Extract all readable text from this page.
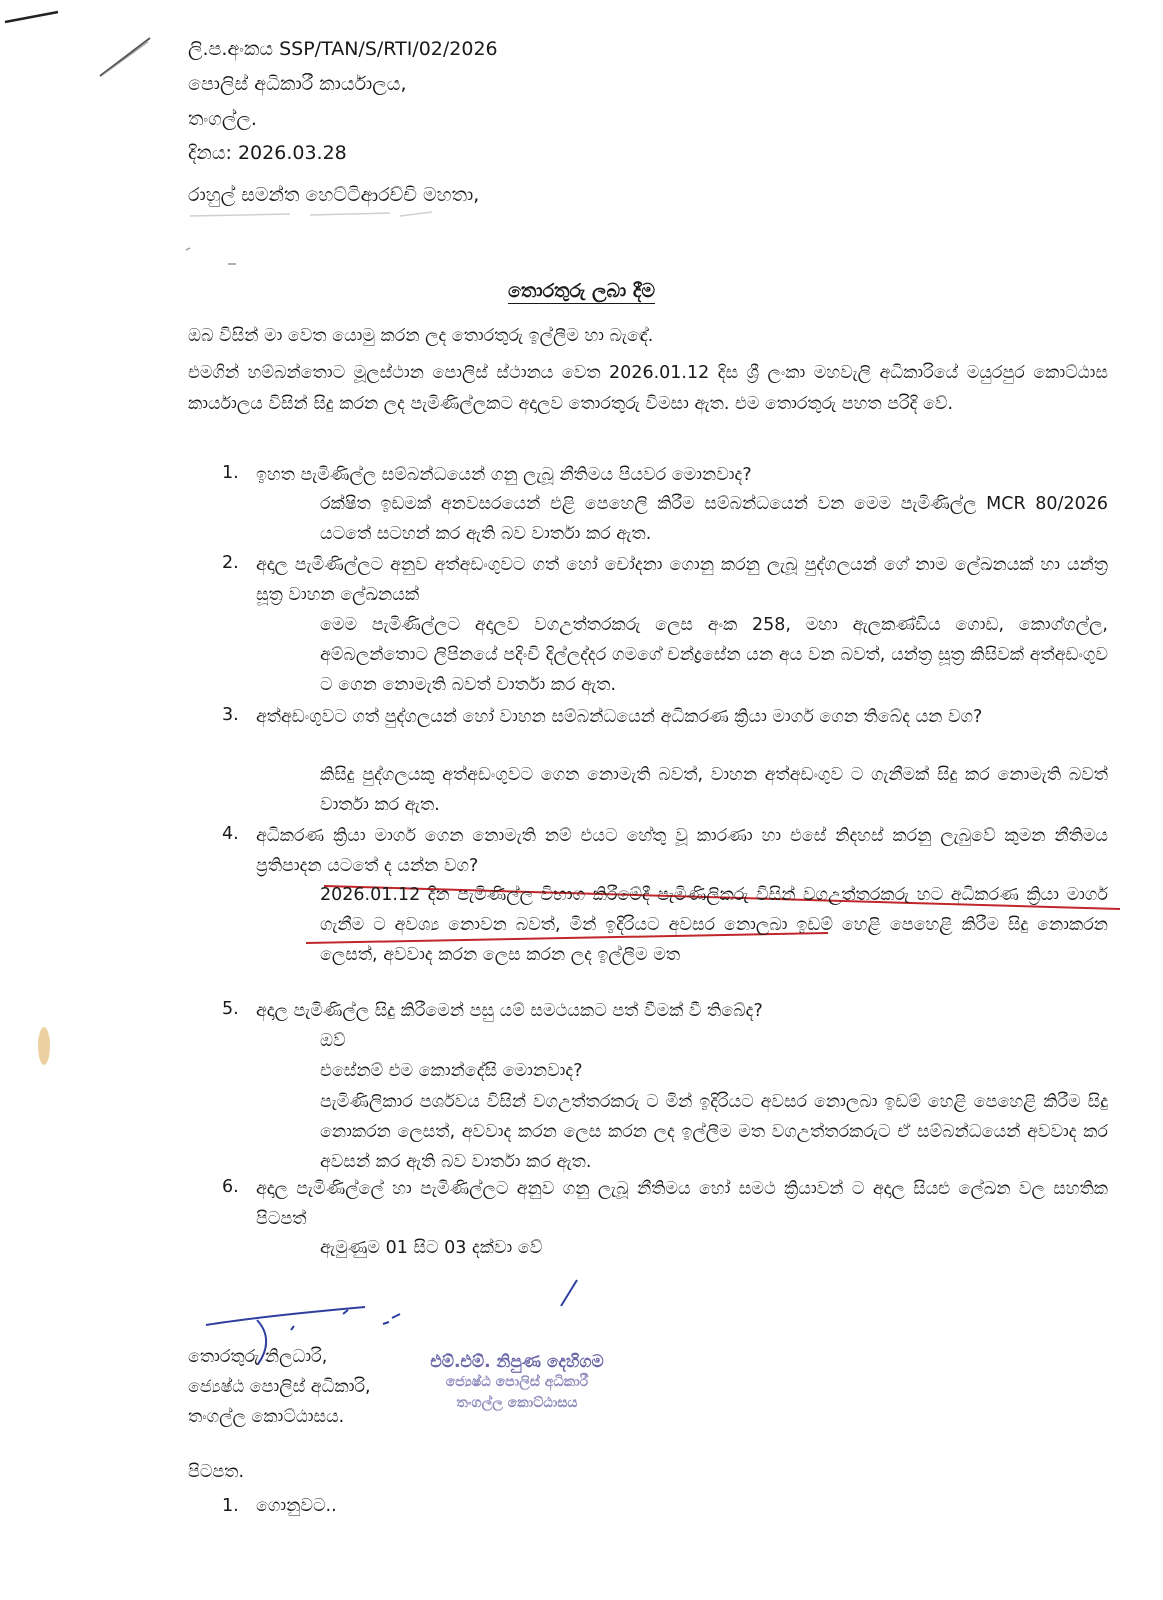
ලි.ප.අංකය SSP/TAN/S/RTI/02/2026
පොලිස් අධිකාරී කාර්යාලය,
තංගල්ල.
දිනය: 2026.03.28
රාහුල් සමන්ත හෙට්ටිආරච්චි මහතා,
තොරතුරු ලබා දීම
ඔබ විසින් මා වෙත යොමු කරන ලද තොරතුරු ඉල්ලීම හා බැඳේ.
එමගින් හම්බන්තොට මූලස්ථාන පොලිස් ස්ථානය වෙත 2026.01.12 දිස ශ්‍රී ලංකා මහවැලි අධිකාරියේ මයුරපුර කොට්ඨාස කාර්යාලය විසින් සිදු කරන ලද පැමිණිල්ලකට අදාලව තොරතුරු විමසා ඇත. එම තොරතුරු පහත පරිදි වේ.
1. ඉහත පැමිණිල්ල සම්බන්ධයෙන් ගනු ලැබූ නීතිමය පියවර මොනවාද?
රක්ෂිත ඉඩමක් අනවසරයෙන් එළි පෙහෙලි කිරීම සම්බන්ධයෙන් වන මෙම පැමිණිල්ල MCR 80/2026 යටතේ සටහන් කර ඇති බව වාර්තා කර ඇත.
2. අදාල පැමිණිල්ලට අනුව අත්අඩංගුවට ගත් හෝ චෝදනා ගොනු කරනු ලැබූ පුද්ගලයන් ගේ නාම ලේඛනයක් හා යන්ත්‍ර සූත්‍ර වාහන ලේඛනයක්
මෙම පැමිණිල්ලට අදාලව වගඋත්තරකරු ලෙස අංක 258, මහා ඇලකණ්ඩිය ගොඩ, කොග්ගල්ල, අම්බලන්තොට ලිපිනයේ පදිංචි දිල්ලද්දර ගමගේ චන්ද්‍රසේන යන අය වන බවත්, යන්ත්‍ර සූත්‍ර කිසිවක් අත්අඩංගුව ට ගෙන නොමැති බවත් වාර්තා කර ඇත.
3. අත්අඩංගුවට ගත් පුද්ගලයන් හෝ වාහන සම්බන්ධයෙන් අධිකරණ ක්‍රියා මාර්ග ගෙන තිබේද යන වග?
කිසිදු පුද්ගලයකු අත්අඩංගුවට ගෙන නොමැති බවත්, වාහන අත්අඩංගුව ට ගැනීමක් සිදු කර නොමැති බවත් වාර්තා කර ඇත.
4. අධිකරණ ක්‍රියා මාර්ග ගෙන නොමැති නම් එයට හේතු වූ කාරණා හා එසේ නිදහස් කරනු ලැබුවේ කුමන නීතිමය ප්‍රතිපාදන යටතේ ද යන්න වග?
2026.01.12 දින පැමිණිල්ල විභාග කිරීමේදී පැමිණිලිකරු විසින් වගඋත්තරකරු හට අධිකරණ ක්‍රියා මාර්ග ගැනීම ට අවශ්‍ය නොවන බවත්, මින් ඉදිරියට අවසර නොලබා ඉඩම් හෙළි පෙහෙළි කිරීම සිදු නොකරන ලෙසත්, අවවාද කරන ලෙස කරන ලද ඉල්ලීම මත
5. අදාල පැමිණිල්ල සිදු කිරීමෙන් පසු යම් සමථයකට පත් වීමක් වී තිබේද?
ඔව්
එසේනම් එම කොන්දේසි මොනවාද?
පැමිණිලිකාර පර්ශවය විසින් වගඋත්තරකරු ට මින් ඉදිරියට අවසර නොලබා ඉඩම් හෙළි පෙහෙළි කිරීම සිදු නොකරන ලෙසත්, අවවාද කරන ලෙස කරන ලද ඉල්ලීම මත වගඋත්තරකරුට ඒ සම්බන්ධයෙන් අවවාද කර අවසන් කර ඇති බව වාර්තා කර ඇත.
6. අදාල පැමිණිල්ලේ හා පැමිණිල්ලට අනුව ගනු ලැබූ නීතිමය හෝ සමථ ක්‍රියාවන් ට අදාල සියළු ලේඛන වල සහතික පිටපත්
ඇමුණුම 01 සිට 03 දක්වා වේ
තොරතුරු නිලධාරි,
ජ්‍යෙෂ්ඨ පොලිස් අධිකාරි,
තංගල්ල කොට්ඨාසය.
එම්.එම්. නිපුණ දෙහිගම
ජ්‍යෙෂ්ඨ පොලිස් අධිකාරී
තංගල්ල කොට්ඨාසය
පිටපත.
1. ගොනුවට..
